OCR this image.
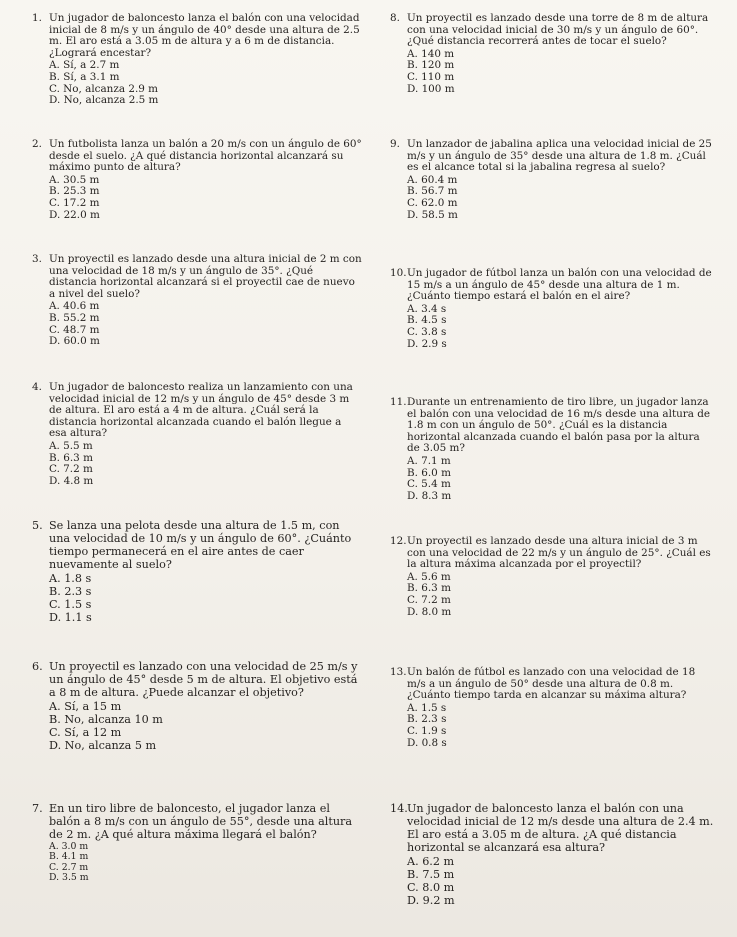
1. Un jugador de baloncesto lanza el balón con una velocidad inicial de 8 m/s y un ángulo de 40° desde una altura de 2.5 m. El aro está a 3.05 m de altura y a 6 m de distancia. ¿Logrará encestar?
A. Sí, a 2.7 m
B. Sí, a 3.1 m
C. No, alcanza 2.9 m
D. No, alcanza 2.5 m
2. Un futbolista lanza un balón a 20 m/s con un ángulo de 60° desde el suelo. ¿A qué distancia horizontal alcanzará su máximo punto de altura?
A. 30.5 m
B. 25.3 m
C. 17.2 m
D. 22.0 m
3. Un proyectil es lanzado desde una altura inicial de 2 m con una velocidad de 18 m/s y un ángulo de 35°. ¿Qué distancia horizontal alcanzará si el proyectil cae de nuevo a nivel del suelo?
A. 40.6 m
B. 55.2 m
C. 48.7 m
D. 60.0 m
4. Un jugador de baloncesto realiza un lanzamiento con una velocidad inicial de 12 m/s y un ángulo de 45° desde 3 m de altura. El aro está a 4 m de altura. ¿Cuál será la distancia horizontal alcanzada cuando el balón llegue a esa altura?
A. 5.5 m
B. 6.3 m
C. 7.2 m
D. 4.8 m
5. Se lanza una pelota desde una altura de 1.5 m, con una velocidad de 10 m/s y un ángulo de 60°. ¿Cuánto tiempo permanecerá en el aire antes de caer nuevamente al suelo?
A. 1.8 s
B. 2.3 s
C. 1.5 s
D. 1.1 s
6. Un proyectil es lanzado con una velocidad de 25 m/s y un ángulo de 45° desde 5 m de altura. El objetivo está a 8 m de altura. ¿Puede alcanzar el objetivo?
A. Sí, a 15 m
B. No, alcanza 10 m
C. Sí, a 12 m
D. No, alcanza 5 m
7. En un tiro libre de baloncesto, el jugador lanza el balón a 8 m/s con un ángulo de 55°, desde una altura de 2 m. ¿A qué altura máxima llegará el balón?
A. 3.0 m
B. 4.1 m
C. 2.7 m
D. 3.5 m
8. Un proyectil es lanzado desde una torre de 8 m de altura con una velocidad inicial de 30 m/s y un ángulo de 60°. ¿Qué distancia recorrerá antes de tocar el suelo?
A. 140 m
B. 120 m
C. 110 m
D. 100 m
9. Un lanzador de jabalina aplica una velocidad inicial de 25 m/s y un ángulo de 35° desde una altura de 1.8 m. ¿Cuál es el alcance total si la jabalina regresa al suelo?
A. 60.4 m
B. 56.7 m
C. 62.0 m
D. 58.5 m
10. Un jugador de fútbol lanza un balón con una velocidad de 15 m/s a un ángulo de 45° desde una altura de 1 m. ¿Cuánto tiempo estará el balón en el aire?
A. 3.4 s
B. 4.5 s
C. 3.8 s
D. 2.9 s
11. Durante un entrenamiento de tiro libre, un jugador lanza el balón con una velocidad de 16 m/s desde una altura de 1.8 m con un ángulo de 50°. ¿Cuál es la distancia horizontal alcanzada cuando el balón pasa por la altura de 3.05 m?
A. 7.1 m
B. 6.0 m
C. 5.4 m
D. 8.3 m
12. Un proyectil es lanzado desde una altura inicial de 3 m con una velocidad de 22 m/s y un ángulo de 25°. ¿Cuál es la altura máxima alcanzada por el proyectil?
A. 5.6 m
B. 6.3 m
C. 7.2 m
D. 8.0 m
13. Un balón de fútbol es lanzado con una velocidad de 18 m/s a un ángulo de 50° desde una altura de 0.8 m. ¿Cuánto tiempo tarda en alcanzar su máxima altura?
A. 1.5 s
B. 2.3 s
C. 1.9 s
D. 0.8 s
14. Un jugador de baloncesto lanza el balón con una velocidad inicial de 12 m/s desde una altura de 2.4 m. El aro está a 3.05 m de altura. ¿A qué distancia horizontal se alcanzará esa altura?
A. 6.2 m
B. 7.5 m
C. 8.0 m
D. 9.2 m
